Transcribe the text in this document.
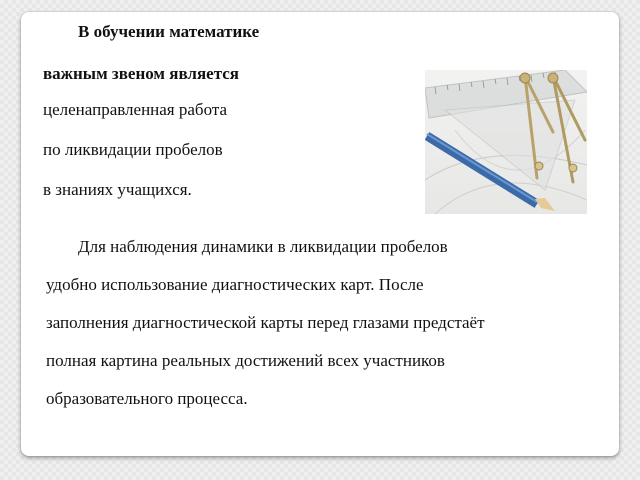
В обучении математике
важным звеном является
целенаправленная работа
по ликвидации пробелов
в знаниях учащихся.
Для наблюдения динамики в ликвидации пробелов
удобно использование диагностических карт. После
заполнения диагностической карты перед глазами предстаёт
полная картина реальных достижений всех участников
образовательного процесса.
